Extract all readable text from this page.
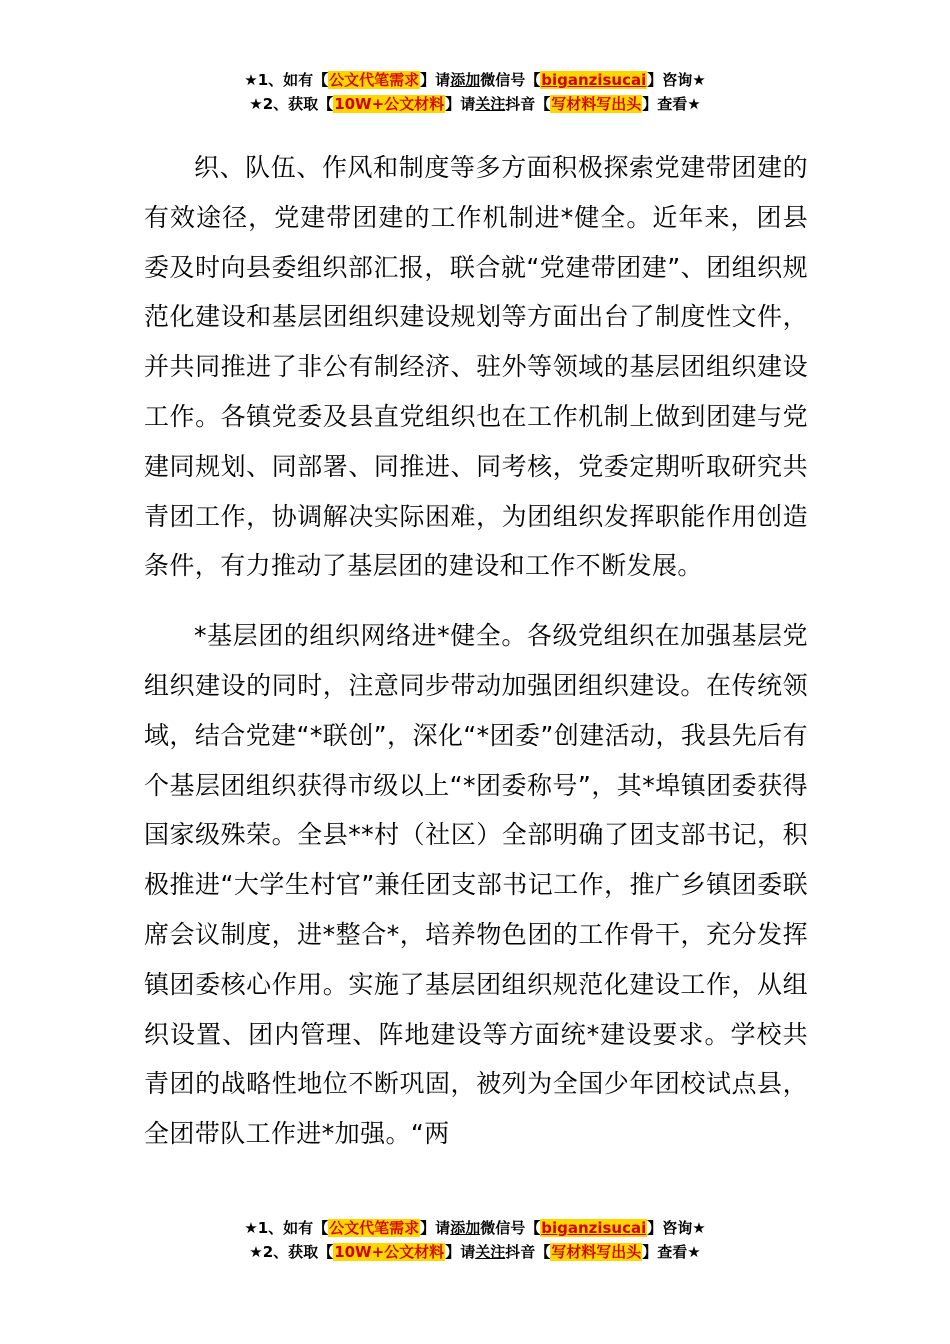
★1、如有【公文代笔需求】请添加微信号【biganzisucai】咨询★
★2、获取【10W+公文材料】请关注抖音【写材料写出头】查看★

织、队伍、作风和制度等多方面积极探索党建带团建的有效途径，党建带团建的工作机制进*健全。近年来，团县委及时向县委组织部汇报，联合就“党建带团建”、团组织规范化建设和基层团组织建设规划等方面出台了制度性文件，并共同推进了非公有制经济、驻外等领域的基层团组织建设工作。各镇党委及县直党组织也在工作机制上做到团建与党建同规划、同部署、同推进、同考核，党委定期听取研究共青团工作，协调解决实际困难，为团组织发挥职能作用创造条件，有力推动了基层团的建设和工作不断发展。

*基层团的组织网络进*健全。各级党组织在加强基层党组织建设的同时，注意同步带动加强团组织建设。在传统领域，结合党建“*联创”，深化“*团委”创建活动，我县先后有个基层团组织获得市级以上“*团委称号”，其*埠镇团委获得国家级殊荣。全县**村（社区）全部明确了团支部书记，积极推进“大学生村官”兼任团支部书记工作，推广乡镇团委联席会议制度，进*整合*，培养物色团的工作骨干，充分发挥镇团委核心作用。实施了基层团组织规范化建设工作，从组织设置、团内管理、阵地建设等方面统*建设要求。学校共青团的战略性地位不断巩固，被列为全国少年团校试点县，全团带队工作进*加强。“两

★1、如有【公文代笔需求】请添加微信号【biganzisucai】咨询★
★2、获取【10W+公文材料】请关注抖音【写材料写出头】查看★
